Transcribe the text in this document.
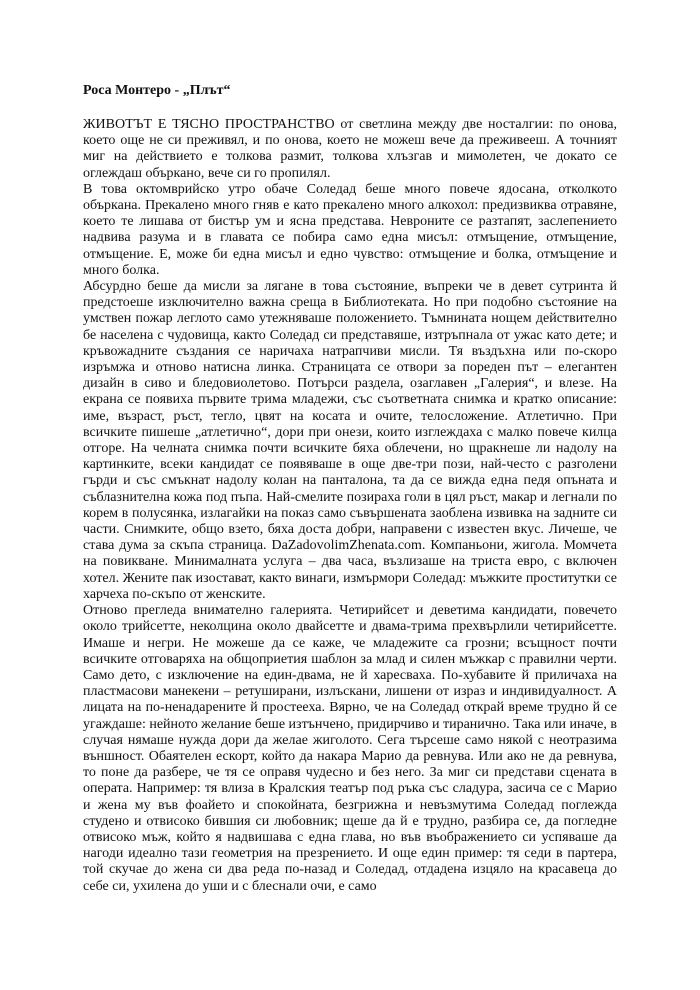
Роса Монтеро - „Плът“

ЖИВОТЪТ Е ТЯСНО ПРОСТРАНСТВО от светлина между две носталгии: по онова, което още не си преживял, и по онова, което не можеш вече да преживееш. А точният миг на действието е толкова размит, толкова хлъзгав и мимолетен, че докато се оглеждаш объркано, вече си го пропилял.

В това октомврийско утро обаче Соледад беше много повече ядосана, отколкото объркана. Прекалено много гняв е като прекалено много алкохол: предизвиква отравяне, което те лишава от бистър ум и ясна представа. Невроните се разтапят, заслепението надвива разума и в главата се побира само една мисъл: отмъщение, отмъщение, отмъщение. Е, може би една мисъл и едно чувство: отмъщение и болка, отмъщение и много болка.

Абсурдно беше да мисли за лягане в това състояние, въпреки че в девет сутринта й предстоеше изключително важна среща в Библиотеката. Но при подобно състояние на умствен пожар леглото само утежняваше положението. Тъмнината нощем действително бе населена с чудовища, както Соледад си представяше, изтръпнала от ужас като дете; и кръвожадните създания се наричаха натрапчиви мисли. Тя въздъхна или по-скоро изръмжа и отново натисна линка. Страницата се отвори за пореден път – елегантен дизайн в сиво и бледовиолетово. Потърси раздела, озаглавен „Галерия“, и влезе. На екрана се появиха първите трима младежи, със съответната снимка и кратко описание: име, възраст, ръст, тегло, цвят на косата и очите, телосложение. Атлетично. При всичките пишеше „атлетично“, дори при онези, които изглеждаха с малко повече килца отгоре. На челната снимка почти всичките бяха облечени, но щракнеше ли надолу на картинките, всеки кандидат се появяваше в още две-три пози, най-често с разголени гърди и със смъкнат надолу колан на панталона, та да се вижда една педя опъната и съблазнителна кожа под пъпа. Най-смелите позираха голи в цял ръст, макар и легнали по корем в полусянка, излагайки на показ само съвършената заоблена извивка на задните си части. Снимките, общо взето, бяха доста добри, направени с известен вкус. Личеше, че става дума за скъпа страница. DaZadovolimZhenata.com. Компаньони, жигола. Момчета на повикване. Минималната услуга – два часа, възлизаше на триста евро, с включен хотел. Жените пак изостават, както винаги, измърмори Соледад: мъжките проститутки се харчеха по-скъпо от женските.

Отново прегледа внимателно галерията. Четирийсет и деветима кандидати, повечето около трийсетте, неколцина около двайсетте и двама-трима прехвърлили четирийсетте. Имаше и негри. Не можеше да се каже, че младежите са грозни; всъщност почти всичките отговаряха на общоприетия шаблон за млад и силен мъжкар с правилни черти. Само дето, с изключение на един-двама, не й харесваха. По-хубавите й приличаха на пластмасови манекени – ретуширани, излъскани, лишени от израз и индивидуалност. А лицата на по-ненадарените й простееха. Вярно, че на Соледад открай време трудно й се угаждаше: нейното желание беше изтънчено, придирчиво и тиранично. Така или иначе, в случая нямаше нужда дори да желае жиголото. Сега търсеше само някой с неотразима външност. Обаятелен ескорт, който да накара Марио да ревнува. Или ако не да ревнува, то поне да разбере, че тя се оправя чудесно и без него. За миг си представи сцената в операта. Например: тя влиза в Кралския театър под ръка със сладура, засича се с Марио и жена му във фоайето и спокойната, безгрижна и невъзмутима Соледад поглежда студено и отвисоко бившия си любовник; щеше да й е трудно, разбира се, да погледне отвисоко мъж, който я надвишава с една глава, но във въображението си успяваше да нагоди идеално тази геометрия на презрението. И още един пример: тя седи в партера, той скучае до жена си два реда по-назад и Соледад, отдадена изцяло на красавеца до себе си, ухилена до уши и с блеснали очи, е само
